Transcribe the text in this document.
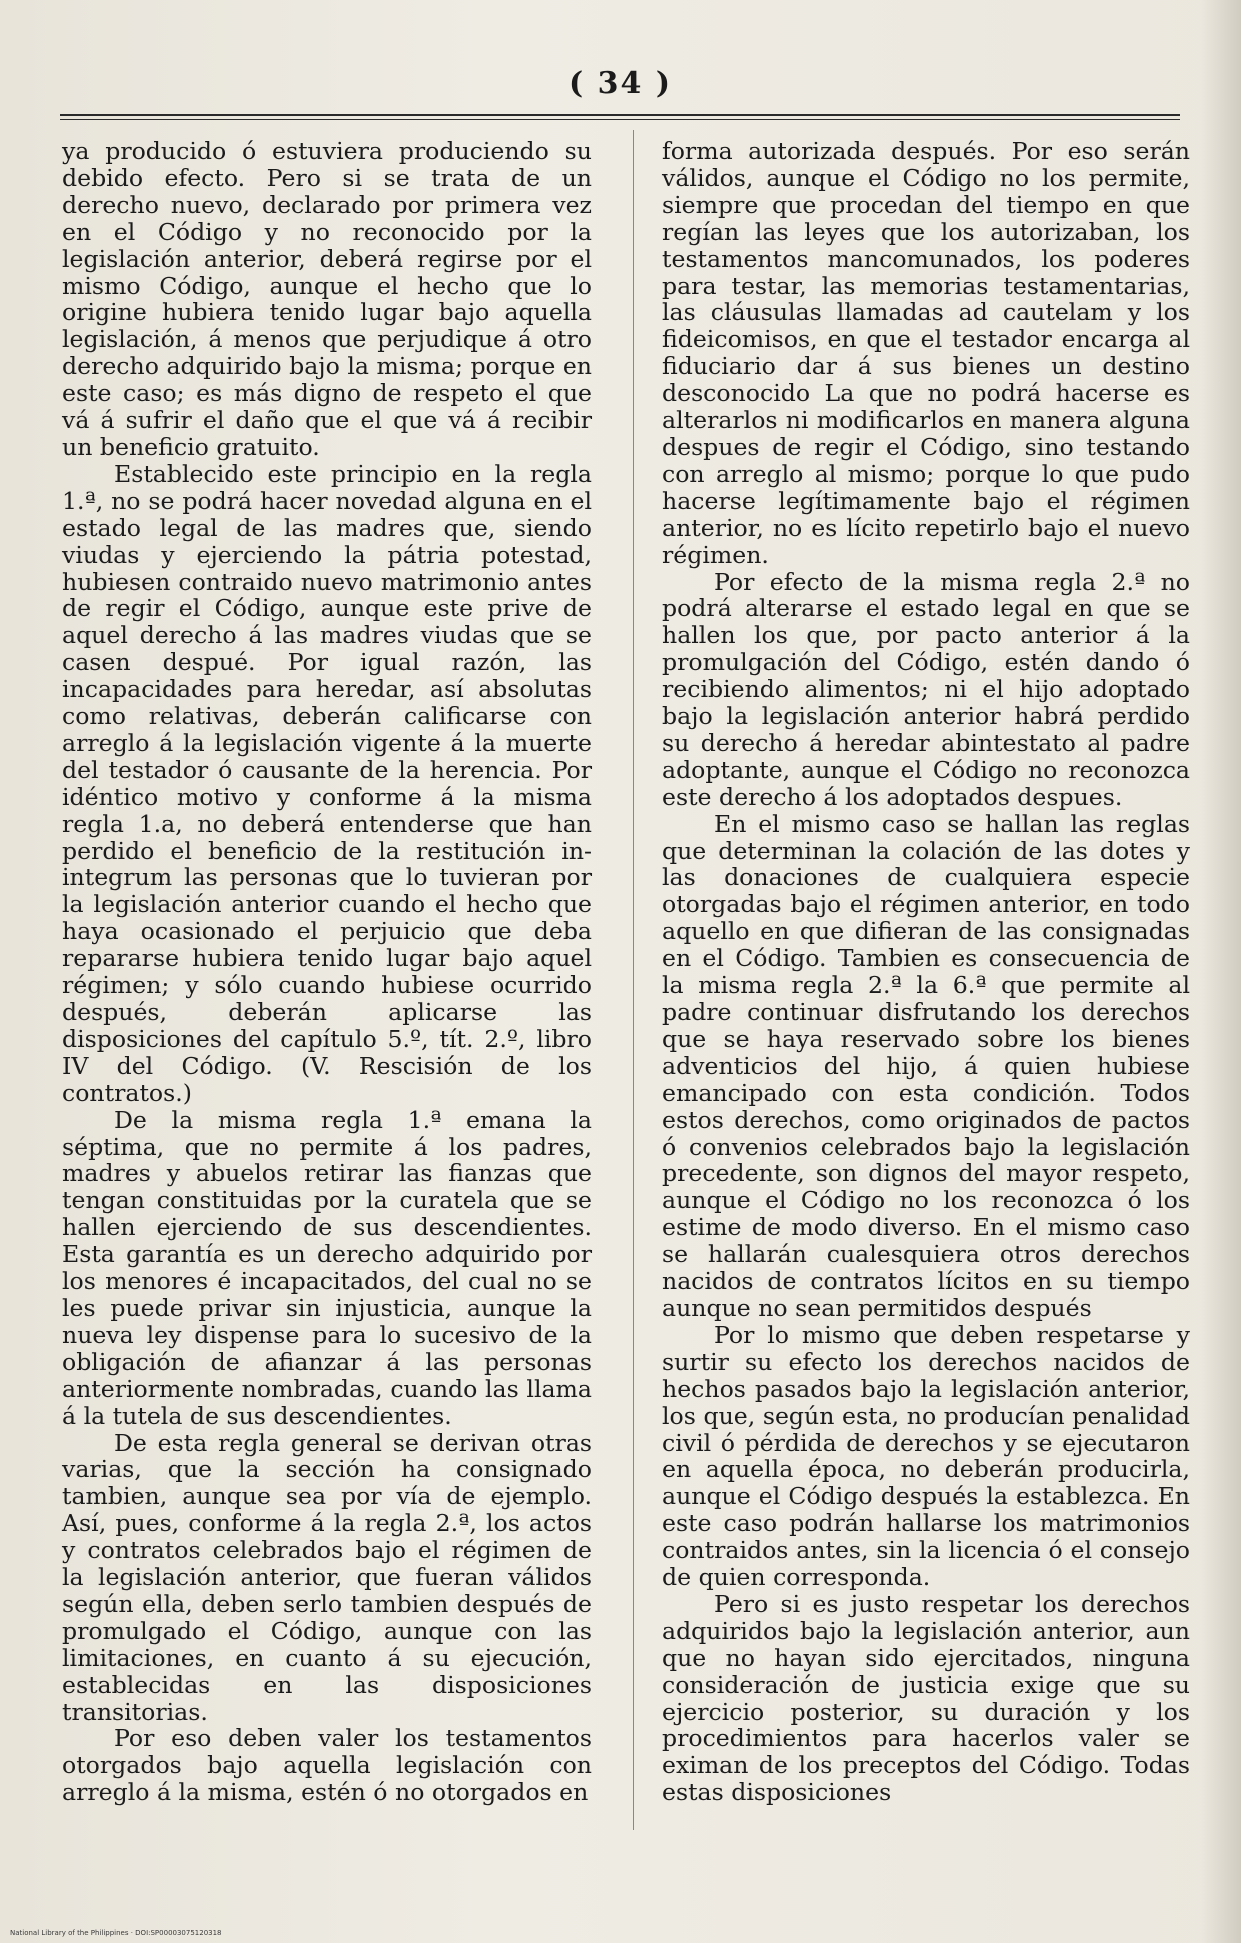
( 34 )

ya producido ó estuviera produciendo su debido efecto. Pero si se trata de un derecho nuevo, declarado por primera vez en el Código y no reconocido por la legislación anterior, deberá regirse por el mismo Código, aunque el hecho que lo origine hubiera tenido lugar bajo aquella legislación, á menos que perjudique á otro derecho adquirido bajo la misma; porque en este caso; es más digno de respeto el que vá á sufrir el daño que el que vá á recibir un beneficio gratuito.

Establecido este principio en la regla 1.ª, no se podrá hacer novedad alguna en el estado legal de las madres que, siendo viudas y ejerciendo la pátria potestad, hubiesen contraido nuevo matrimonio antes de regir el Código, aunque este prive de aquel derecho á las madres viudas que se casen despué. Por igual razón, las incapacidades para heredar, así absolutas como relativas, deberán calificarse con arreglo á la legislación vigente á la muerte del testador ó causante de la herencia. Por idéntico motivo y conforme á la misma regla 1.a, no deberá entenderse que han perdido el beneficio de la restitución in-integrum las personas que lo tuvieran por la legislación anterior cuando el hecho que haya ocasionado el perjuicio que deba repararse hubiera tenido lugar bajo aquel régimen; y sólo cuando hubiese ocurrido después, deberán aplicarse las disposiciones del capítulo 5.º, tít. 2.º, libro IV del Código. (V. Rescisión de los contratos.)

De la misma regla 1.ª emana la séptima, que no permite á los padres, madres y abuelos retirar las fianzas que tengan constituidas por la curatela que se hallen ejerciendo de sus descendientes. Esta garantía es un derecho adquirido por los menores é incapacitados, del cual no se les puede privar sin injusticia, aunque la nueva ley dispense para lo sucesivo de la obligación de afianzar á las personas anteriormente nombradas, cuando las llama á la tutela de sus descendientes.

De esta regla general se derivan otras varias, que la sección ha consignado tambien, aunque sea por vía de ejemplo. Así, pues, conforme á la regla 2.ª, los actos y contratos celebrados bajo el régimen de la legislación anterior, que fueran válidos según ella, deben serlo tambien después de promulgado el Código, aunque con las limitaciones, en cuanto á su ejecución, establecidas en las disposiciones transitorias.

Por eso deben valer los testamentos otorgados bajo aquella legislación con arreglo á la misma, estén ó no otorgados en

forma autorizada después. Por eso serán válidos, aunque el Código no los permite, siempre que procedan del tiempo en que regían las leyes que los autorizaban, los testamentos mancomunados, los poderes para testar, las memorias testamentarias, las cláusulas llamadas ad cautelam y los fideicomisos, en que el testador encarga al fiduciario dar á sus bienes un destino desconocido La que no podrá hacerse es alterarlos ni modificarlos en manera alguna despues de regir el Código, sino testando con arreglo al mismo; porque lo que pudo hacerse legítimamente bajo el régimen anterior, no es lícito repetirlo bajo el nuevo régimen.

Por efecto de la misma regla 2.ª no podrá alterarse el estado legal en que se hallen los que, por pacto anterior á la promulgación del Código, estén dando ó recibiendo alimentos; ni el hijo adoptado bajo la legislación anterior habrá perdido su derecho á heredar abintestato al padre adoptante, aunque el Código no reconozca este derecho á los adoptados despues.

En el mismo caso se hallan las reglas que determinan la colación de las dotes y las donaciones de cualquiera especie otorgadas bajo el régimen anterior, en todo aquello en que difieran de las consignadas en el Código. Tambien es consecuencia de la misma regla 2.ª la 6.ª que permite al padre continuar disfrutando los derechos que se haya reservado sobre los bienes adventicios del hijo, á quien hubiese emancipado con esta condición. Todos estos derechos, como originados de pactos ó convenios celebrados bajo la legislación precedente, son dignos del mayor respeto, aunque el Código no los reconozca ó los estime de modo diverso. En el mismo caso se hallarán cualesquiera otros derechos nacidos de contratos lícitos en su tiempo aunque no sean permitidos después

Por lo mismo que deben respetarse y surtir su efecto los derechos nacidos de hechos pasados bajo la legislación anterior, los que, según esta, no producían penalidad civil ó pérdida de derechos y se ejecutaron en aquella época, no deberán producirla, aunque el Código después la establezca. En este caso podrán hallarse los matrimonios contraidos antes, sin la licencia ó el consejo de quien corresponda.

Pero si es justo respetar los derechos adquiridos bajo la legislación anterior, aun que no hayan sido ejercitados, ninguna consideración de justicia exige que su ejercicio posterior, su duración y los procedimientos para hacerlos valer se eximan de los preceptos del Código. Todas estas disposiciones

National Library of the Philippines · DOI:SP00003075120318
